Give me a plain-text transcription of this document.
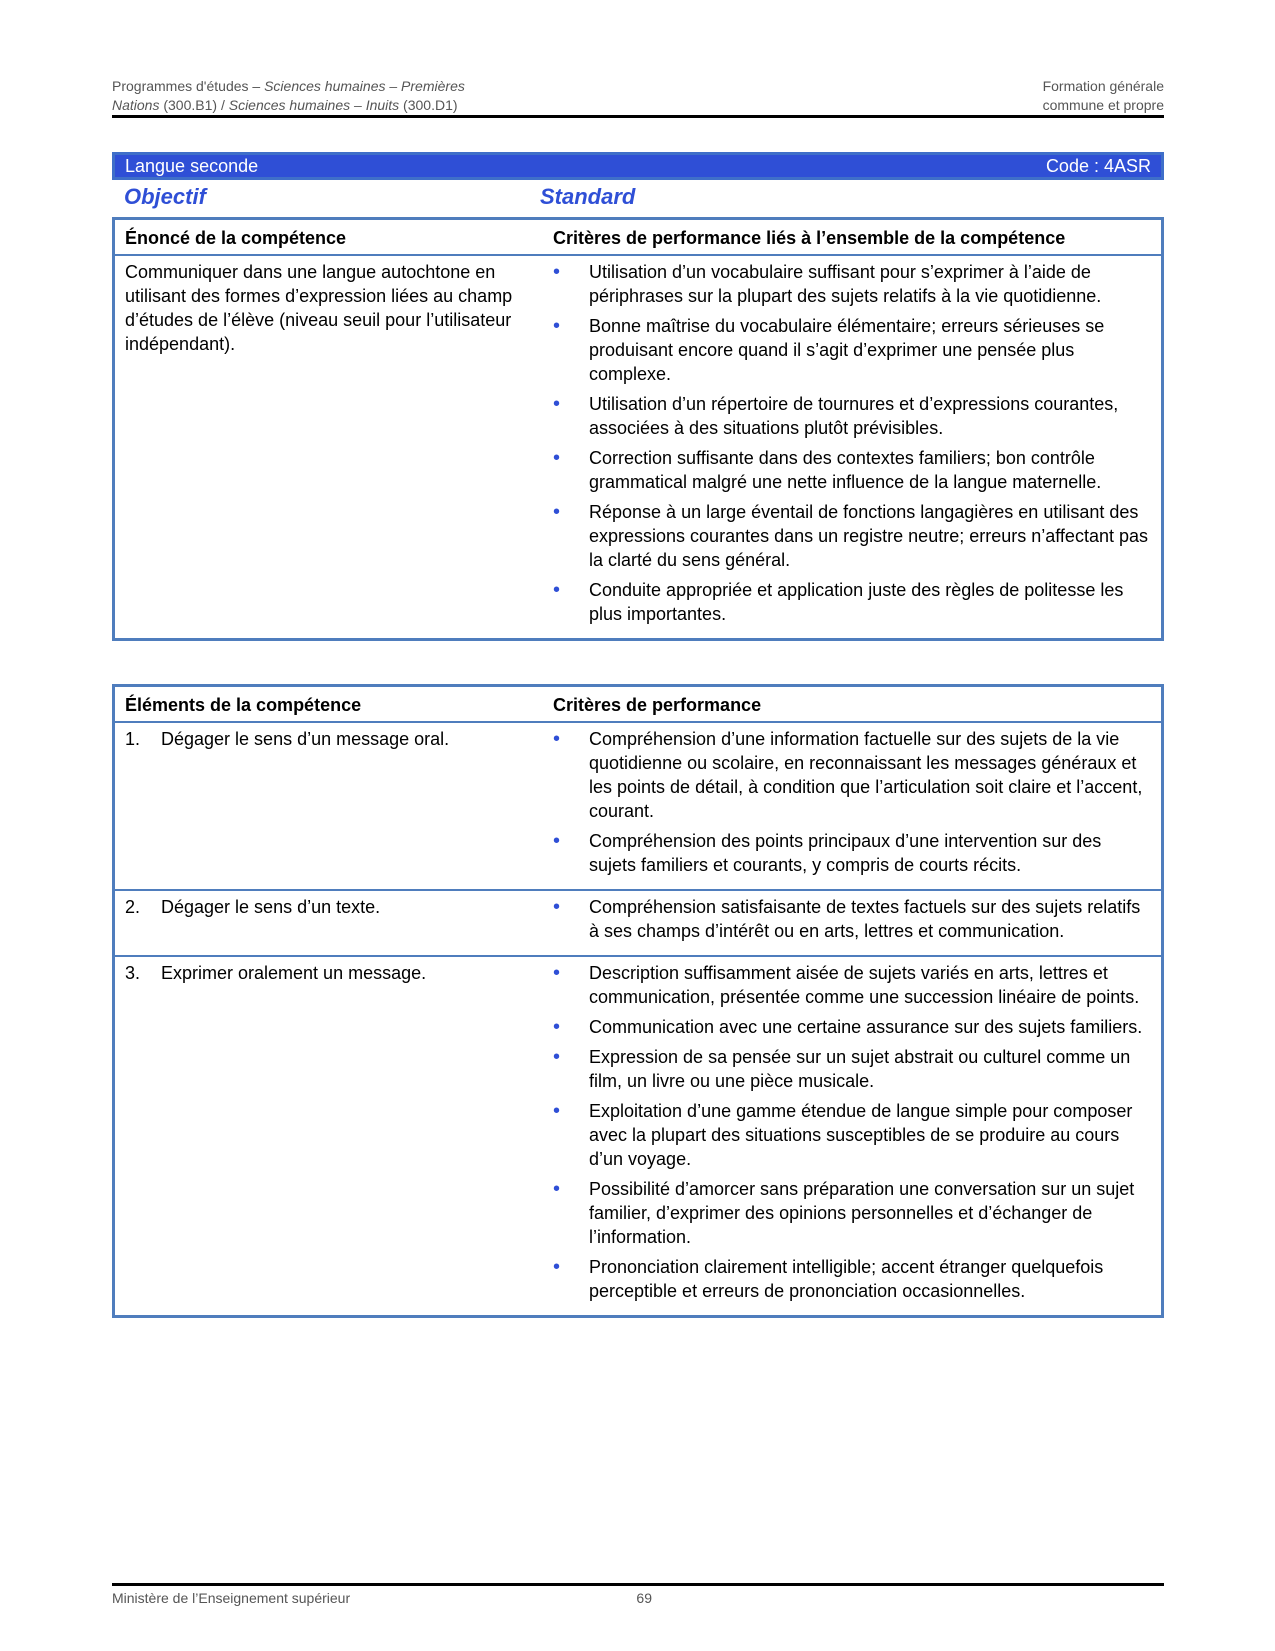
Programmes d'études – Sciences humaines – Premières	Formation générale
Nations (300.B1) / Sciences humaines – Inuits (300.D1)	commune et propre
Langue seconde	Code : 4ASR
Objectif	Standard
Énoncé de la compétence	Critères de performance liés à l’ensemble de la compétence
Communiquer dans une langue autochtone en utilisant des formes d’expression liées au champ d’études de l’élève (niveau seuil pour l’utilisateur indépendant).	
• Utilisation d’un vocabulaire suffisant pour s’exprimer à l’aide de périphrases sur la plupart des sujets relatifs à la vie quotidienne.
• Bonne maîtrise du vocabulaire élémentaire; erreurs sérieuses se produisant encore quand il s’agit d’exprimer une pensée plus complexe.
• Utilisation d’un répertoire de tournures et d’expressions courantes, associées à des situations plutôt prévisibles.
• Correction suffisante dans des contextes familiers; bon contrôle grammatical malgré une nette influence de la langue maternelle.
• Réponse à un large éventail de fonctions langagières en utilisant des expressions courantes dans un registre neutre; erreurs n’affectant pas la clarté du sens général.
• Conduite appropriée et application juste des règles de politesse les plus importantes.
Éléments de la compétence	Critères de performance
1. Dégager le sens d’un message oral.	
•Compréhension d’une information factuelle sur des sujets de la vie quotidienne ou scolaire, en reconnaissant les messages généraux et les points de détail, à condition que l’articulation soit claire et l’accent, courant.
• Compréhension des points principaux d’une intervention sur des sujets familiers et courants, y compris de courts récits.

2. Dégager le sens d’un texte.	
•Compréhension satisfaisante de textes factuels sur des sujets relatifs à ses champs d’intérêt ou en arts, lettres et communication.

3. Exprimer oralement un message.	
•Description suffisamment aisée de sujets variés en arts, lettres et communication, présentée comme une succession linéaire de points.
• Communication avec une certaine assurance sur des sujets familiers.
• Expression de sa pensée sur un sujet abstrait ou culturel comme un film, un livre ou une pièce musicale.
• Exploitation d’une gamme étendue de langue simple pour composer avec la plupart des situations susceptibles de se produire au cours d’un voyage.
• Possibilité d’amorcer sans préparation une conversation sur un sujet familier, d’exprimer des opinions personnelles et d’échanger de l’information.
• Prononciation clairement intelligible; accent étranger quelquefois perceptible et erreurs de prononciation occasionnelles.
Ministère de l’Enseignement supérieur	69
